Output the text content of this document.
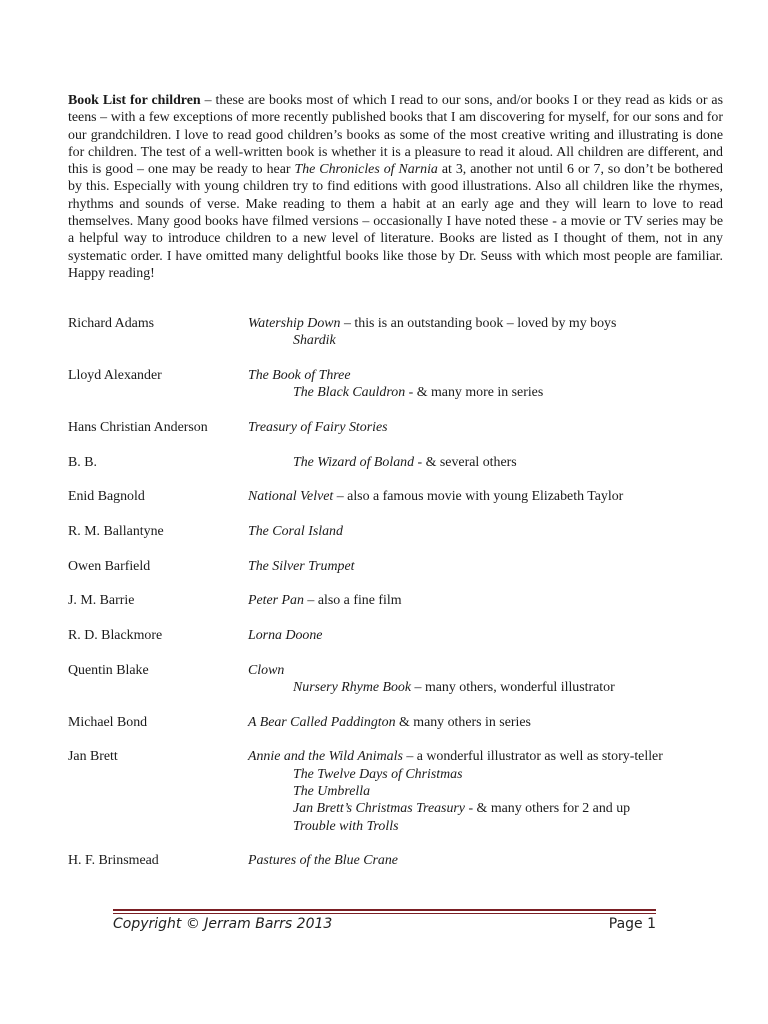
Book List for children – these are books most of which I read to our sons, and/or books I or they read as kids or as teens – with a few exceptions of more recently published books that I am discovering for myself, for our sons and for our grandchildren. I love to read good children’s books as some of the most creative writing and illustrating is done for children. The test of a well-written book is whether it is a pleasure to read it aloud. All children are different, and this is good – one may be ready to hear The Chronicles of Narnia at 3, another not until 6 or 7, so don’t be bothered by this. Especially with young children try to find editions with good illustrations. Also all children like the rhymes, rhythms and sounds of verse. Make reading to them a habit at an early age and they will learn to love to read themselves. Many good books have filmed versions – occasionally I have noted these - a movie or TV series may be a helpful way to introduce children to a new level of literature. Books are listed as I thought of them, not in any systematic order. I have omitted many delightful books like those by Dr. Seuss with which most people are familiar. Happy reading!

Richard Adams	Watership Down – this is an outstanding book – loved by my boys
Shardik
Lloyd Alexander	The Book of Three
The Black Cauldron - & many more in series
Hans Christian Anderson	Treasury of Fairy Stories
B. B.	The Wizard of Boland - & several others
Enid Bagnold	National Velvet – also a famous movie with young Elizabeth Taylor
R. M. Ballantyne	The Coral Island
Owen Barfield	The Silver Trumpet
J. M. Barrie	Peter Pan – also a fine film
R. D. Blackmore	Lorna Doone
Quentin Blake	Clown
Nursery Rhyme Book – many others, wonderful illustrator
Michael Bond	A Bear Called Paddington & many others in series
Jan Brett	Annie and the Wild Animals – a wonderful illustrator as well as story-teller
The Twelve Days of Christmas
The Umbrella
Jan Brett’s Christmas Treasury - & many others for 2 and up
Trouble with Trolls
H. F. Brinsmead	Pastures of the Blue Crane
Copyright © Jerram Barrs 2013	Page 1
